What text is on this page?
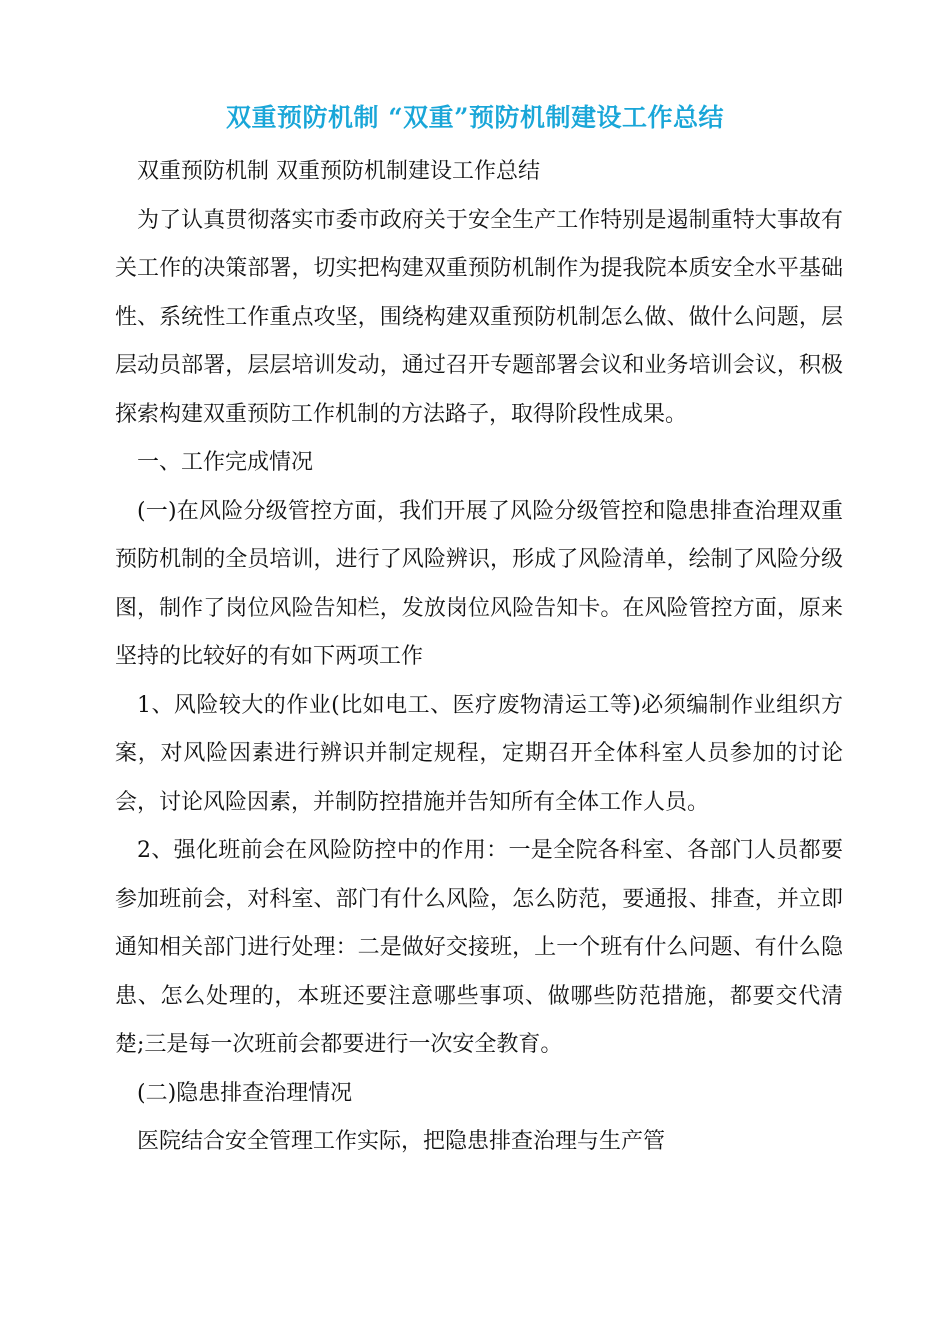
双重预防机制 “双重”预防机制建设工作总结

双重预防机制 双重预防机制建设工作总结

为了认真贯彻落实市委市政府关于安全生产工作特别是遏制重特大事故有关工作的决策部署，切实把构建双重预防机制作为提我院本质安全水平基础性、系统性工作重点攻坚，围绕构建双重预防机制怎么做、做什么问题，层层动员部署，层层培训发动，通过召开专题部署会议和业务培训会议，积极探索构建双重预防工作机制的方法路子，取得阶段性成果。

一、工作完成情况

(一)在风险分级管控方面，我们开展了风险分级管控和隐患排查治理双重预防机制的全员培训，进行了风险辨识，形成了风险清单，绘制了风险分级图，制作了岗位风险告知栏，发放岗位风险告知卡。在风险管控方面，原来坚持的比较好的有如下两项工作

1、风险较大的作业(比如电工、医疗废物清运工等)必须编制作业组织方案，对风险因素进行辨识并制定规程，定期召开全体科室人员参加的讨论会，讨论风险因素，并制防控措施并告知所有全体工作人员。

2、强化班前会在风险防控中的作用：一是全院各科室、各部门人员都要参加班前会，对科室、部门有什么风险，怎么防范，要通报、排查，并立即通知相关部门进行处理：二是做好交接班，上一个班有什么问题、有什么隐患、怎么处理的，本班还要注意哪些事项、做哪些防范措施，都要交代清楚;三是每一次班前会都要进行一次安全教育。

(二)隐患排查治理情况

医院结合安全管理工作实际，把隐患排查治理与生产管
